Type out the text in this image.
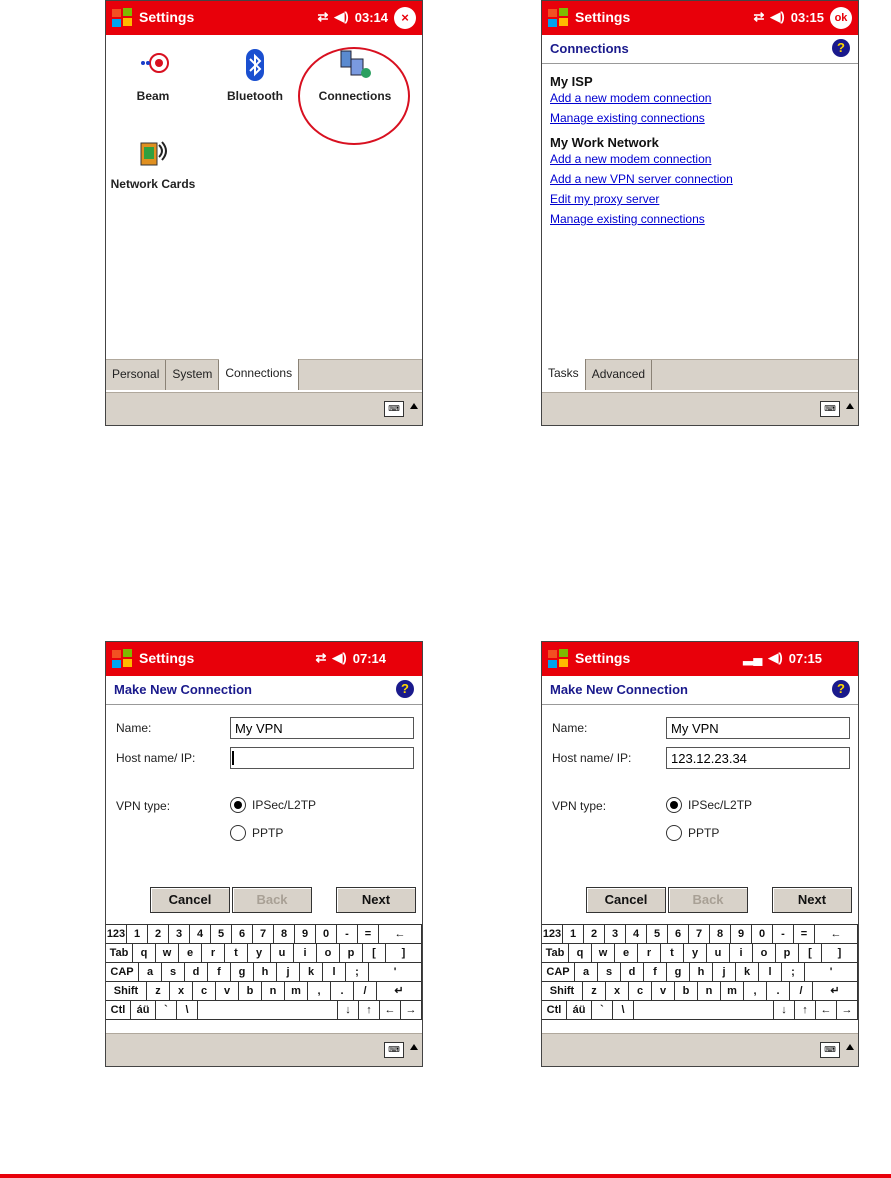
Settings	⇄ ◀) 03:14	×
Beam	Bluetooth	Connections
Network Cards
Personal	System	Connections
⌨
Settings	⇄ ◀) 03:15 ok
Connections	?
My ISP
Add a new modem connection
Manage existing connections
My Work Network
Add a new modem connection
Add a new VPN server connection
Edit my proxy server
Manage existing connections
Tasks	Advanced
⌨
Settings	⇄ ◀) 07:14
Make New Connection	?
Name:	My VPN
Host name/ IP:
VPN type:	IPSec/L2TP
PPTP
Cancel	Back	Next
123 1	2	3	4	5	6	7	8	9	0	-	=	←
Tab	q	w	e	r	t	y	u	i	o	p	[	]
CAP	a	s	d	f	g	h	j	k	l	;	'
Shift	z	x	c	v	b	n	m	,	.	/	↵
Ctl	áü	`	\	↓	↑	← →
⌨
Settings	▂▄ ◀) 07:15
Make New Connection	?
Name:	My VPN
Host name/ IP:	123.12.23.34
VPN type:	IPSec/L2TP
PPTP
Cancel	Back	Next
123 1	2	3	4	5	6	7	8	9	0	-	=	←
Tab	q	w	e	r	t	y	u	i	o	p	[	]
CAP	a	s	d	f	g	h	j	k	l	;	'
Shift	z	x	c	v	b	n	m	,	.	/	↵
Ctl	áü	`	\	↓	↑	← →
⌨
